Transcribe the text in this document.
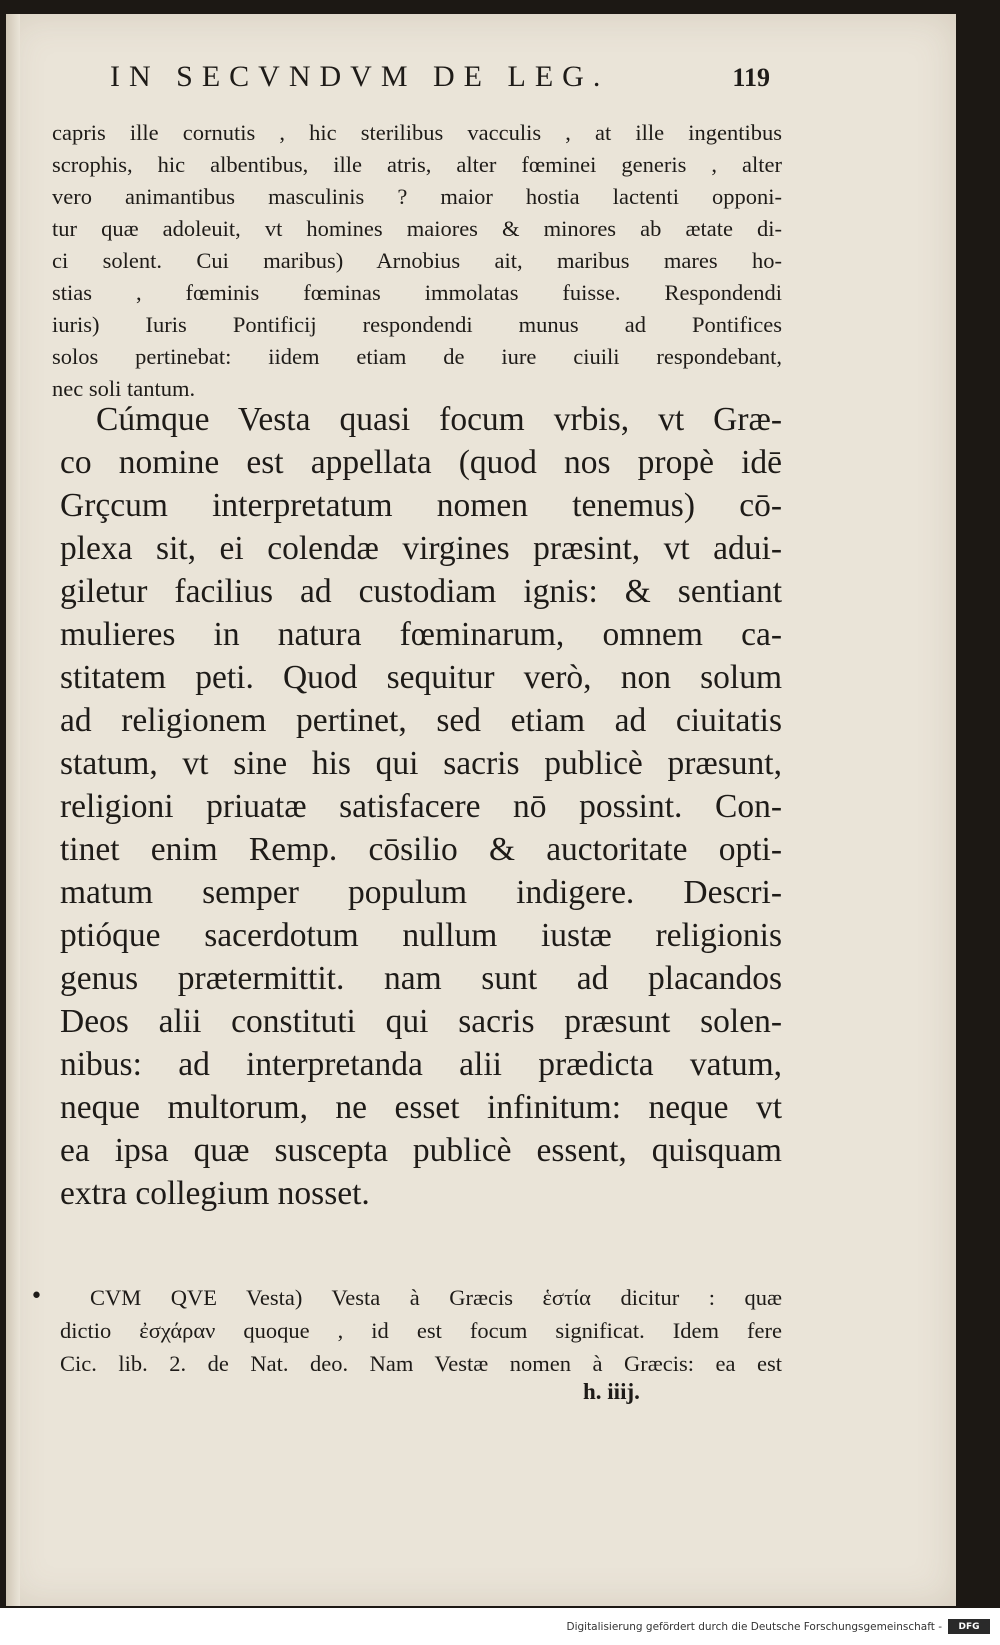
IN SECVNDVM DE LEG.	119
capris ille cornutis , hic sterilibus vacculis , at ille ingentibus
scrophis, hic albentibus, ille atris, alter fœminei generis , alter
vero animantibus masculinis ? maior hostia lactenti opponi-
tur quæ adoleuit, vt homines maiores & minores ab ætate di-
ci solent. Cui maribus) Arnobius ait, maribus mares ho-
stias , fœminis fœminas immolatas fuisse. Respondendi
iuris) Iuris Pontificij respondendi munus ad Pontifices
solos pertinebat: iidem etiam de iure ciuili respondebant,
nec soli tantum.
Cúmque Vesta quasi focum vrbis, vt Græ-
co nomine est appellata (quod nos propè idē
Grçcum interpretatum nomen tenemus) cō-
plexa sit, ei colendæ virgines præsint, vt adui-
giletur facilius ad custodiam ignis: & sentiant
mulieres in natura fœminarum, omnem ca-
stitatem peti. Quod sequitur verò, non solum
ad religionem pertinet, sed etiam ad ciuitatis
statum, vt sine his qui sacris publicè præsunt,
religioni priuatæ satisfacere nō possint. Con-
tinet enim Remp. cōsilio & auctoritate opti-
matum semper populum indigere. Descri-
ptióque sacerdotum nullum iustæ religionis
genus prætermittit. nam sunt ad placandos
Deos alii constituti qui sacris præsunt solen-
nibus: ad interpretanda alii prædicta vatum,
neque multorum, ne esset infinitum: neque vt
ea ipsa quæ suscepta publicè essent, quisquam
extra collegium nosset.
•	CVM QVE Vesta) Vesta à Græcis ἑστία dicitur : quæ
dictio ἐσχάραν quoque , id est focum significat. Idem fere
Cic. lib. 2. de Nat. deo. Nam Vestæ nomen à Græcis: ea est
h. iiij.
Digitalisierung gefördert durch die Deutsche Forschungsgemeinschaft -	DFG
